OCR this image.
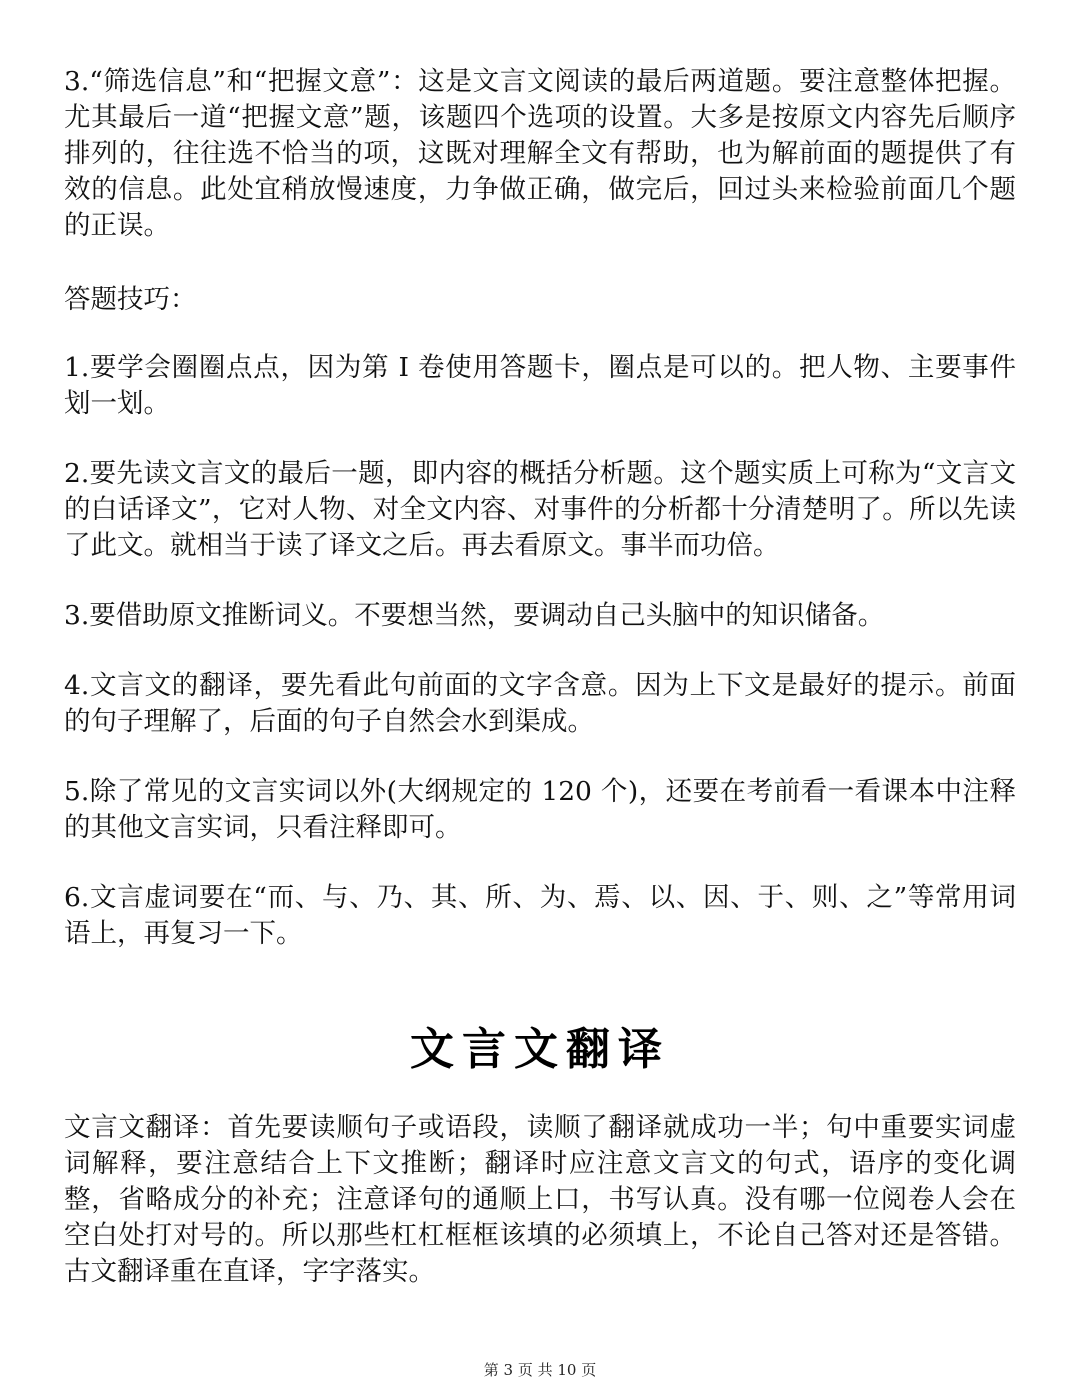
3.“筛选信息”和“把握文意”：这是文言文阅读的最后两道题。要注意整体把握。尤其最后一道“把握文意”题，该题四个选项的设置。大多是按原文内容先后顺序排列的，往往选不恰当的项，这既对理解全文有帮助，也为解前面的题提供了有效的信息。此处宜稍放慢速度，力争做正确，做完后，回过头来检验前面几个题的正误。

答题技巧：

1.要学会圈圈点点，因为第 I 卷使用答题卡，圈点是可以的。把人物、主要事件划一划。

2.要先读文言文的最后一题，即内容的概括分析题。这个题实质上可称为“文言文的白话译文”，它对人物、对全文内容、对事件的分析都十分清楚明了。所以先读了此文。就相当于读了译文之后。再去看原文。事半而功倍。

3.要借助原文推断词义。不要想当然，要调动自己头脑中的知识储备。

4.文言文的翻译，要先看此句前面的文字含意。因为上下文是最好的提示。前面的句子理解了，后面的句子自然会水到渠成。

5.除了常见的文言实词以外(大纲规定的 120 个)，还要在考前看一看课本中注释的其他文言实词，只看注释即可。

6.文言虚词要在“而、与、乃、其、所、为、焉、以、因、于、则、之”等常用词语上，再复习一下。

文言文翻译

文言文翻译：首先要读顺句子或语段，读顺了翻译就成功一半；句中重要实词虚词解释，要注意结合上下文推断；翻译时应注意文言文的句式，语序的变化调整，省略成分的补充；注意译句的通顺上口，书写认真。没有哪一位阅卷人会在空白处打对号的。所以那些杠杠框框该填的必须填上，不论自己答对还是答错。古文翻译重在直译，字字落实。

第 3 页 共 10 页
